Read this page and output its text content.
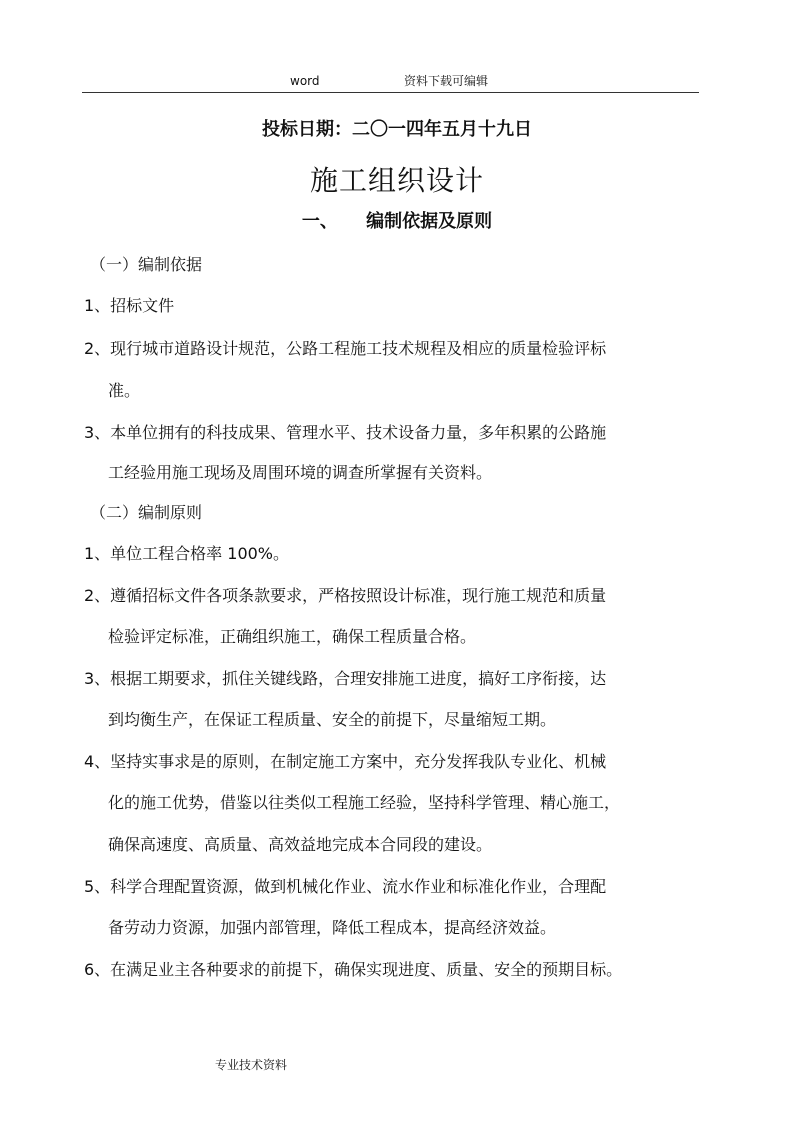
word	资料下载可编辑
投标日期：二〇一四年五月十九日
施工组织设计
一、 编制依据及原则
（一）编制依据
1、招标文件
2、现行城市道路设计规范，公路工程施工技术规程及相应的质量检验评标
准。
3、本单位拥有的科技成果、管理水平、技术设备力量，多年积累的公路施
工经验用施工现场及周围环境的调查所掌握有关资料。
（二）编制原则
1、单位工程合格率 100%。
2、遵循招标文件各项条款要求，严格按照设计标准，现行施工规范和质量
检验评定标准，正确组织施工，确保工程质量合格。
3、根据工期要求，抓住关键线路，合理安排施工进度，搞好工序衔接，达
到均衡生产，在保证工程质量、安全的前提下，尽量缩短工期。
4、坚持实事求是的原则，在制定施工方案中，充分发挥我队专业化、机械
化的施工优势，借鉴以往类似工程施工经验，坚持科学管理、精心施工，
确保高速度、高质量、高效益地完成本合同段的建设。
5、科学合理配置资源，做到机械化作业、流水作业和标准化作业，合理配
备劳动力资源，加强内部管理，降低工程成本，提高经济效益。
6、在满足业主各种要求的前提下，确保实现进度、质量、安全的预期目标。
专业技术资料
